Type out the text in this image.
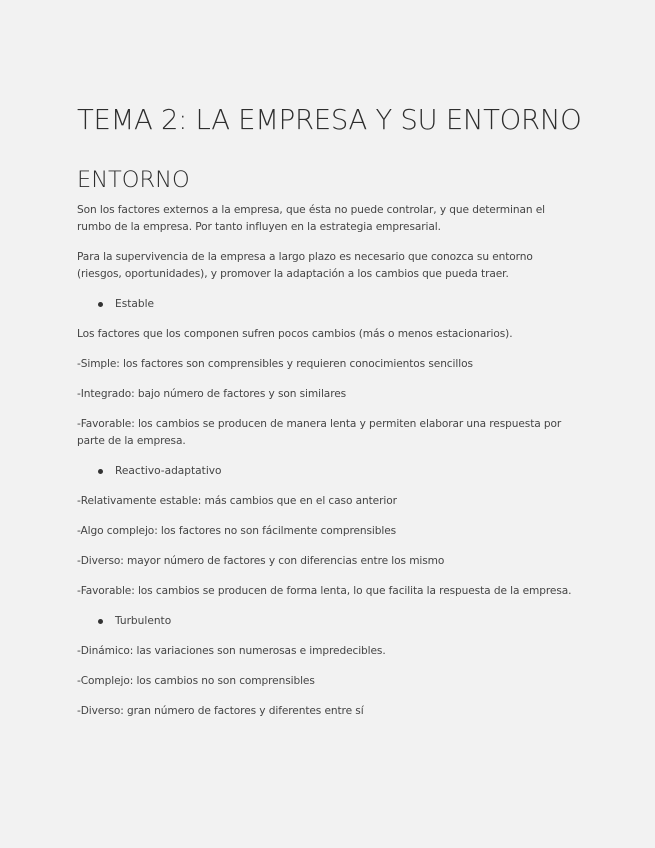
TEMA 2: LA EMPRESA Y SU ENTORNO
ENTORNO

Son los factores externos a la empresa, que ésta no puede controlar, y que determinan el rumbo de la empresa. Por tanto influyen en la estrategia empresarial.

Para la supervivencia de la empresa a largo plazo es necesario que conozca su entorno (riesgos, oportunidades), y promover la adaptación a los cambios que pueda traer.

Estable

Los factores que los componen sufren pocos cambios (más o menos estacionarios).

-Simple: los factores son comprensibles y requieren conocimientos sencillos

-Integrado: bajo número de factores y son similares

-Favorable: los cambios se producen de manera lenta y permiten elaborar una respuesta por parte de la empresa.

Reactivo-adaptativo

-Relativamente estable: más cambios que en el caso anterior

-Algo complejo: los factores no son fácilmente comprensibles

-Diverso: mayor número de factores y con diferencias entre los mismo

-Favorable: los cambios se producen de forma lenta, lo que facilita la respuesta de la empresa.

Turbulento

-Dinámico: las variaciones son numerosas e impredecibles.

-Complejo: los cambios no son comprensibles

-Diverso: gran número de factores y diferentes entre sí
